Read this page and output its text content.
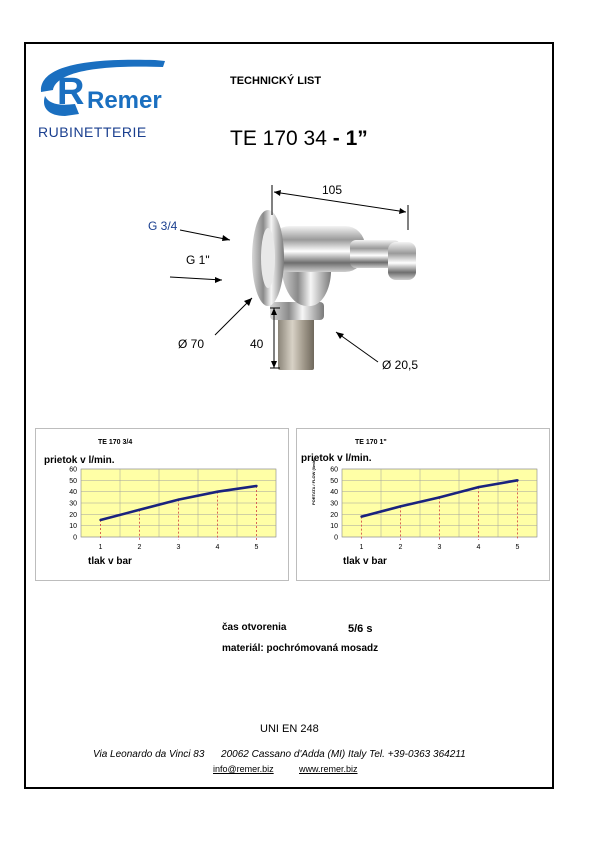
R Remer
RUBINETTERIE
TECHNICKÝ LIST
TE 170 34 - 1”
105
G 3/4
G 1"
Ø 70	40
Ø 20,5
TE 170 3/4
prietok v l/min.
0
10
20
30
40
50
60
1	2	3	4	5
tlak v bar
TE 170 1"
prietok v l/min.
0
10
20
30
40
50
60
1	2	3	4	5
tlak v bar
PORTATA / FLOW (l/min)
čas otvorenia	5/6 s
materiál: pochrómovaná mosadz
UNI EN 248
Via Leonardo da Vinci 83      20062 Cassano d'Adda (MI) Italy Tel. +39-0363 364211
info@remer.biz	www.remer.biz
